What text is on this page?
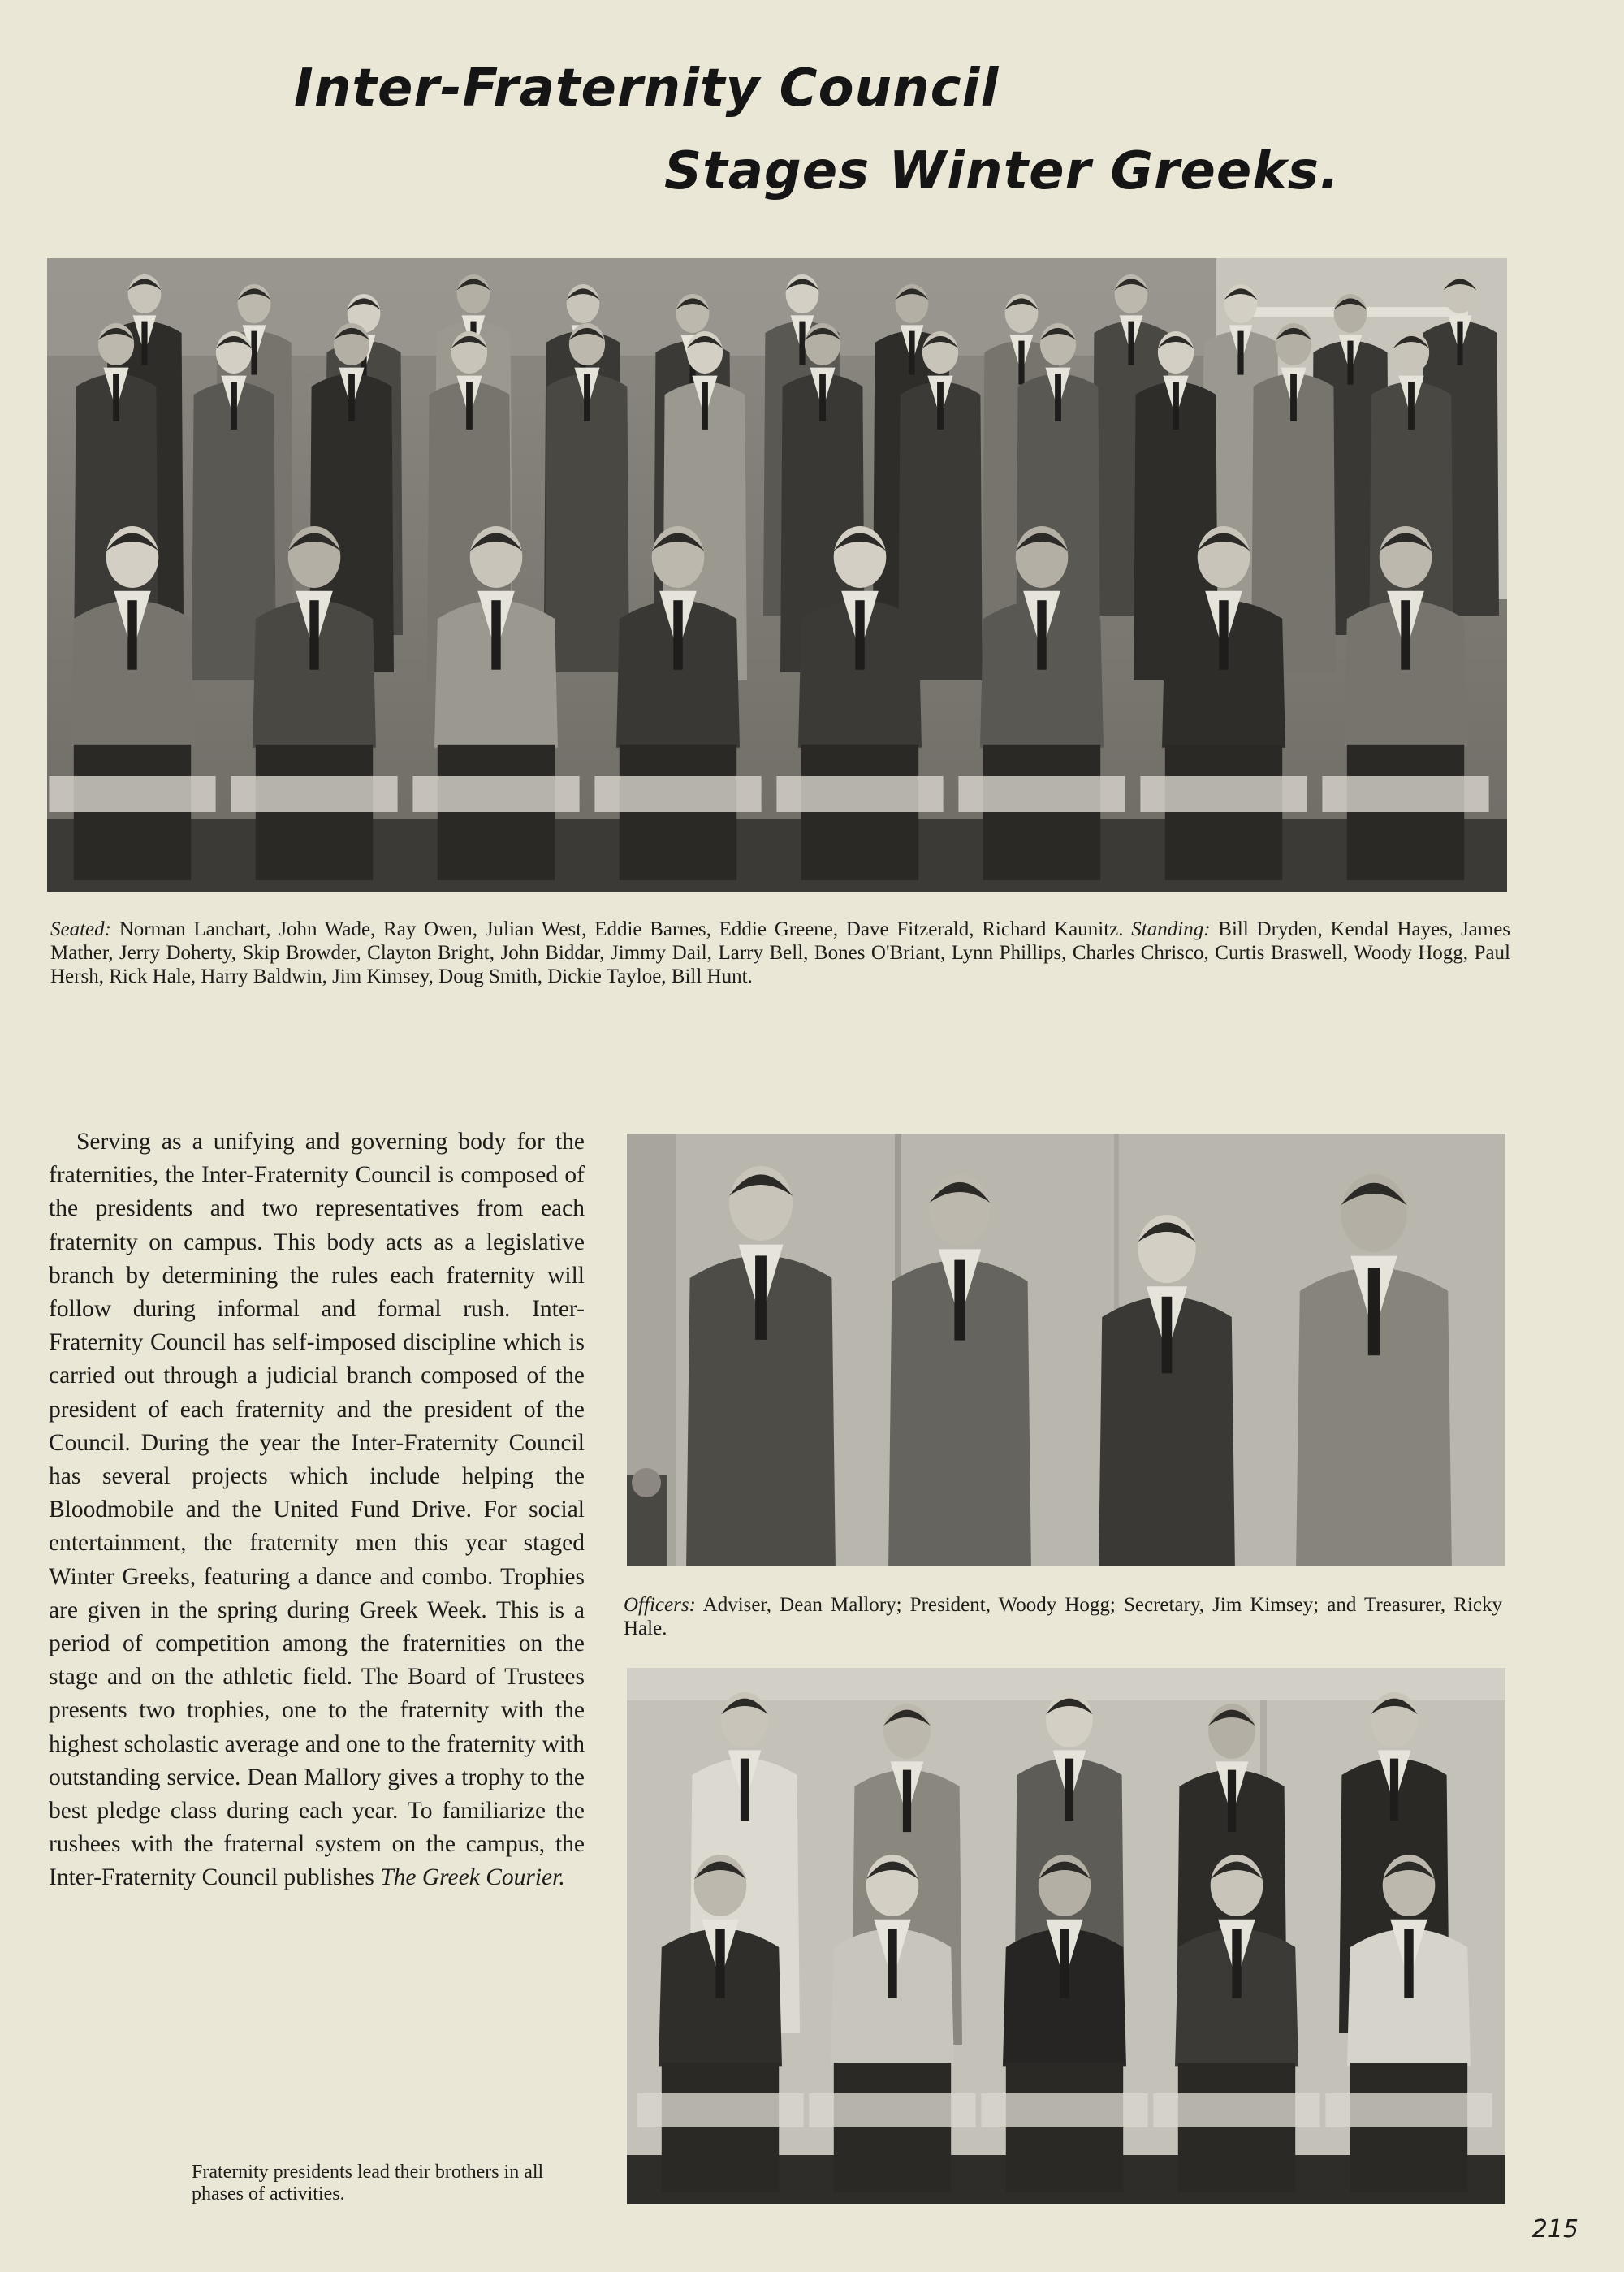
Inter-Fraternity Council
Stages Winter Greeks.

Seated: Norman Lanchart, John Wade, Ray Owen, Julian West, Eddie Barnes, Eddie Greene, Dave Fitzerald, Richard Kaunitz. Standing: Bill Dryden, Kendal Hayes, James Mather, Jerry Doherty, Skip Browder, Clayton Bright, John Biddar, Jimmy Dail, Larry Bell, Bones O'Briant, Lynn Phillips, Charles Chrisco, Curtis Braswell, Woody Hogg, Paul Hersh, Rick Hale, Harry Baldwin, Jim Kimsey, Doug Smith, Dickie Tayloe, Bill Hunt.

Serving as a unifying and governing body for the fraternities, the Inter-Fraternity Council is composed of the presidents and two representatives from each fraternity on campus. This body acts as a legislative branch by determining the rules each fraternity will follow during informal and formal rush. Inter-Fraternity Council has self-imposed discipline which is carried out through a judicial branch composed of the president of each fraternity and the president of the Council. During the year the Inter-Fraternity Council has several projects which include helping the Bloodmobile and the United Fund Drive. For social entertainment, the fraternity men this year staged Winter Greeks, featuring a dance and combo. Trophies are given in the spring during Greek Week. This is a period of competition among the fraternities on the stage and on the athletic field. The Board of Trustees presents two trophies, one to the fraternity with the highest scholastic average and one to the fraternity with outstanding service. Dean Mallory gives a trophy to the best pledge class during each year. To familiarize the rushees with the fraternal system on the campus, the Inter-Fraternity Council publishes The Greek Courier.

Officers: Adviser, Dean Mallory; President, Woody Hogg; Secretary, Jim Kimsey; and Treasurer, Ricky Hale.

Fraternity presidents lead their brothers in all phases of activities.

215
